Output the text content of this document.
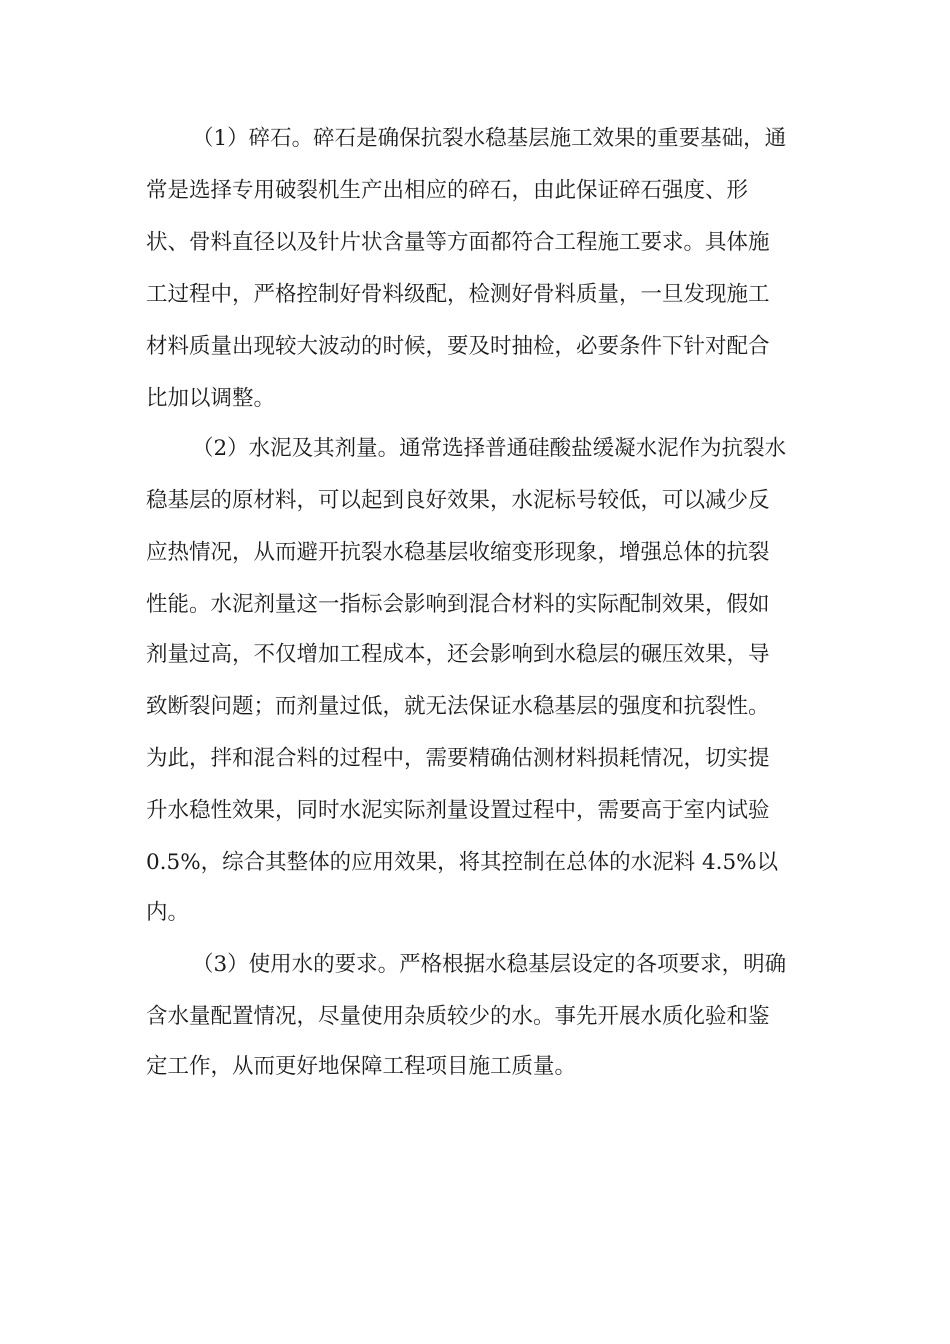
（1）碎石。碎石是确保抗裂水稳基层施工效果的重要基础，通
常是选择专用破裂机生产出相应的碎石，由此保证碎石强度、形
状、骨料直径以及针片状含量等方面都符合工程施工要求。具体施
工过程中，严格控制好骨料级配，检测好骨料质量，一旦发现施工
材料质量出现较大波动的时候，要及时抽检，必要条件下针对配合
比加以调整。
（2）水泥及其剂量。通常选择普通硅酸盐缓凝水泥作为抗裂水
稳基层的原材料，可以起到良好效果，水泥标号较低，可以减少反
应热情况，从而避开抗裂水稳基层收缩变形现象，增强总体的抗裂
性能。水泥剂量这一指标会影响到混合材料的实际配制效果，假如
剂量过高，不仅增加工程成本，还会影响到水稳层的碾压效果，导
致断裂问题；而剂量过低，就无法保证水稳基层的强度和抗裂性。
为此，拌和混合料的过程中，需要精确估测材料损耗情况，切实提
升水稳性效果，同时水泥实际剂量设置过程中，需要高于室内试验
0.5%，综合其整体的应用效果，将其控制在总体的水泥料 4.5%以
内。
（3）使用水的要求。严格根据水稳基层设定的各项要求，明确
含水量配置情况，尽量使用杂质较少的水。事先开展水质化验和鉴
定工作，从而更好地保障工程项目施工质量。
